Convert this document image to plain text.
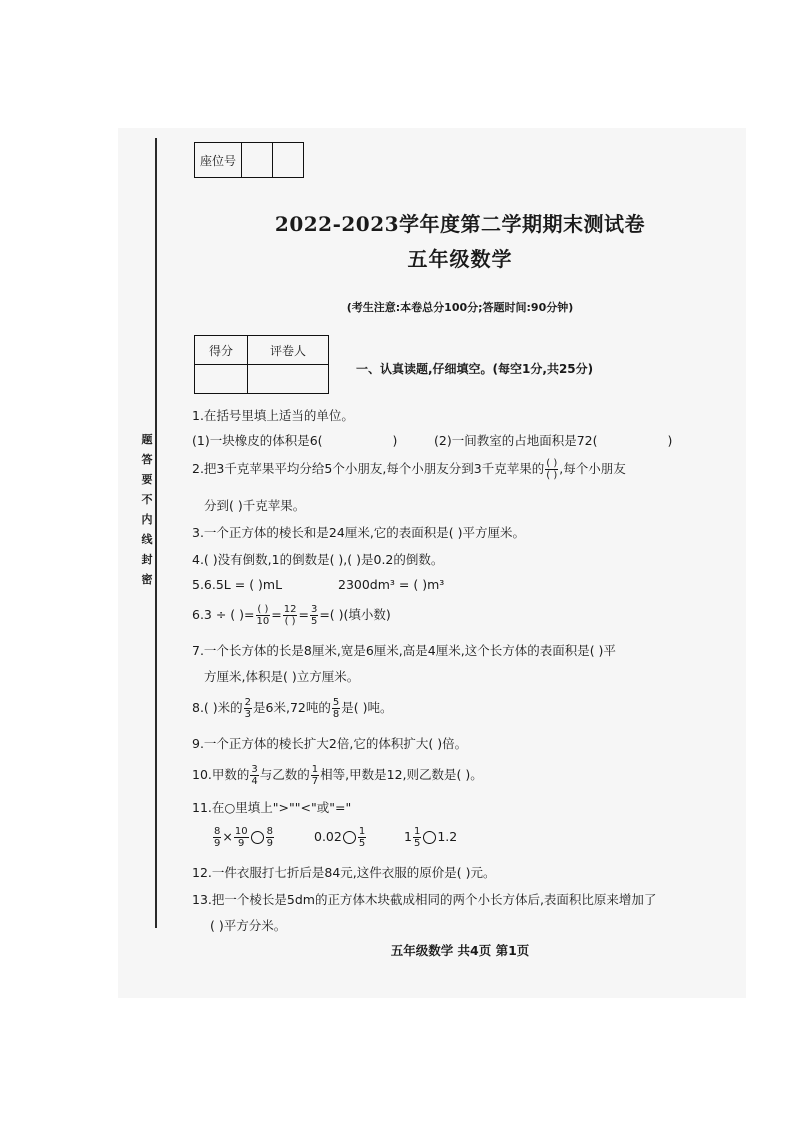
题
答
要
不
内
线
封
密
座位号		
2022-2023学年度第二学期期末测试卷
五年级数学
(考生注意:本卷总分100分;答题时间:90分钟)
得分	评卷人

一、认真读题,仔细填空。(每空1分,共25分)
1.在括号里填上适当的单位。
(1)一块橡皮的体积是6(	)	(2)一间教室的占地面积是72(	)
2.把3千克苹果平均分给5个小朋友,每个小朋友分到3千克苹果的 $\frac{( )}{( )}$ ,每个小朋友
分到( )千克苹果。
3.一个正方体的棱长和是24厘米,它的表面积是( )平方厘米。
4.( )没有倒数,1的倒数是( ),( )是0.2的倒数。
5.6.5L = ( )mL	2300dm³ = ( )m³
6.3 ÷ ( )= $\frac{( )}{10} = \frac{12}{( )} = \frac{3}{5}$ =( )(填小数)
7.一个长方体的长是8厘米,宽是6厘米,高是4厘米,这个长方体的表面积是( )平
方厘米,体积是( )立方厘米。
8.( )米的 $\frac{2}{3}$ 是6米,72吨的 $\frac{5}{8}$ 是( )吨。
9.一个正方体的棱长扩大2倍,它的体积扩大( )倍。
10.甲数的 $\frac{3}{4}$ 与乙数的 $\frac{1}{7}$ 相等,甲数是12,则乙数是( )。
11.在○里填上">""<"或"="
$\frac{8}{9} \times \frac{10}{9} \frac{8}{9}$	$0.02 \frac{1}{5}$	$1 \frac{1}{5} 1.2$
12.一件衣服打七折后是84元,这件衣服的原价是( )元。
13.把一个棱长是5dm的正方体木块截成相同的两个小长方体后,表面积比原来增加了
( )平方分米。
五年级数学 共4页 第1页
